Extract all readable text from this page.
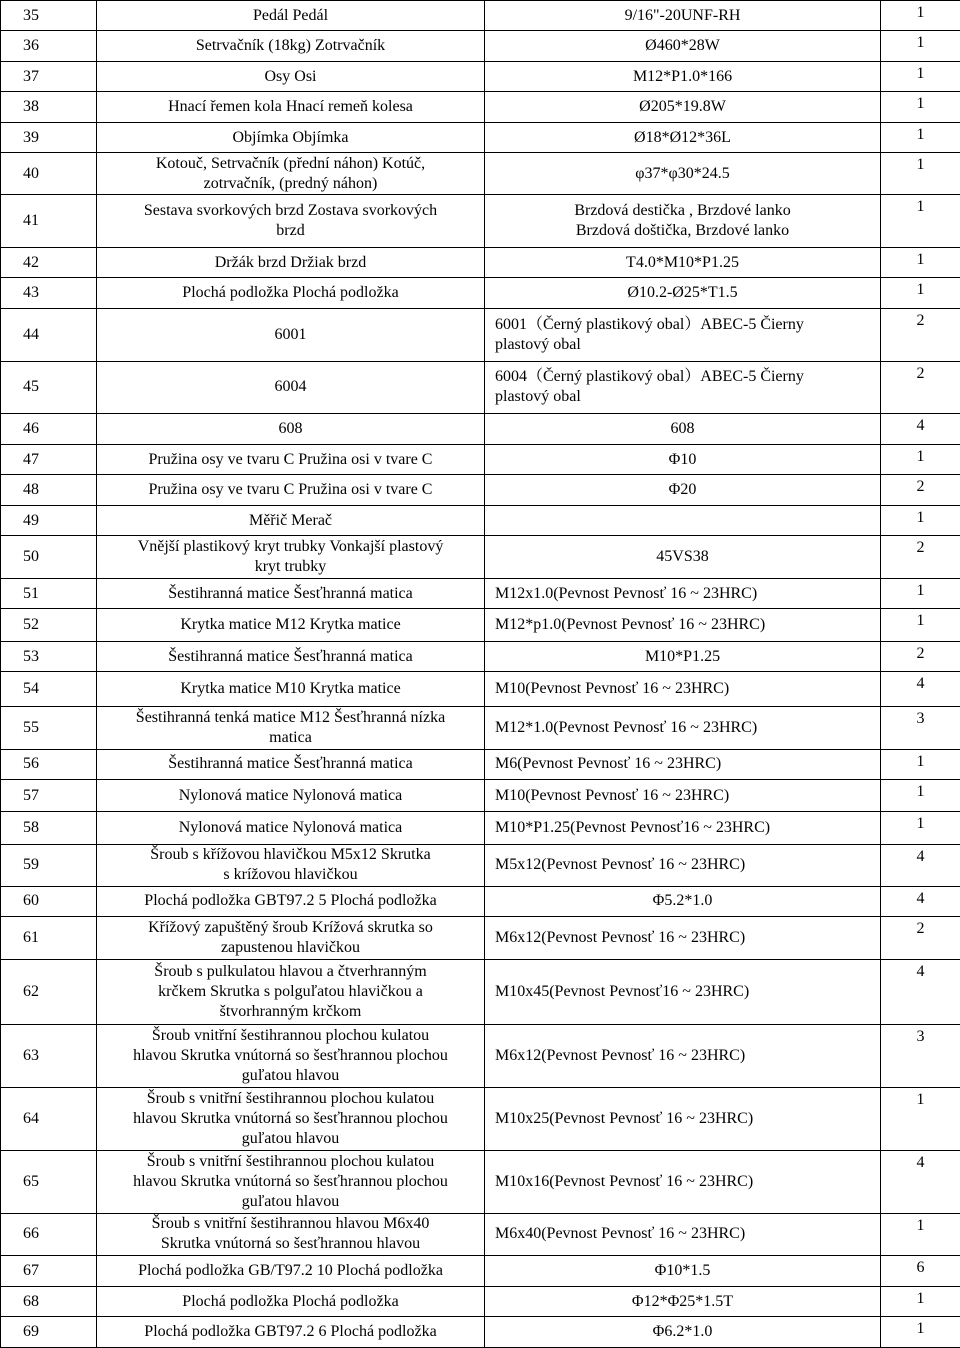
35	Pedál Pedál	9/16"-20UNF-RH	1

36	Setrvačník (18kg) Zotrvačník	Ø460*28W	1

37	Osy Osi	M12*P1.0*166	1

38	Hnací řemen kola Hnací remeň kolesa	Ø205*19.8W	1

39	Objímka Objímka	Ø18*Ø12*36L	1

40	Kotouč, Setrvačník (přední náhon) Kotúč,
zotrvačník, (predný náhon)	φ37*φ30*24.5	1

41	Sestava svorkových brzd Zostava svorkových
brzd	Brzdová destička , Brzdové lanko
Brzdová doštička, Brzdové lanko	1

42	Držák brzd Držiak brzd	T4.0*M10*P1.25	1

43	Plochá podložka Plochá podložka	Ø10.2-Ø25*T1.5	1

44	6001	6001（Černý plastikový obal）ABEC-5 Čierny
plastový obal	2

45	6004	6004（Černý plastikový obal）ABEC-5 Čierny
plastový obal	2

46	608	608	4

47	Pružina osy ve tvaru C Pružina osi v tvare C	Φ10	1

48	Pružina osy ve tvaru C Pružina osi v tvare C	Φ20	2

49	Měřič Merač		1

50	Vnější plastikový kryt trubky Vonkajší plastový
kryt trubky	45VS38	2

51	Šestihranná matice Šesťhranná matica	M12x1.0(Pevnost Pevnosť 16 ~ 23HRC)	1

52	Krytka matice M12 Krytka matice	M12*p1.0(Pevnost Pevnosť 16 ~ 23HRC)	1

53	Šestihranná matice Šesťhranná matica	M10*P1.25	2

54	Krytka matice M10 Krytka matice	M10(Pevnost Pevnosť 16 ~ 23HRC)	4

55	Šestihranná tenká matice M12 Šesťhranná nízka
matica	M12*1.0(Pevnost Pevnosť 16 ~ 23HRC)	3

56	Šestihranná matice Šesťhranná matica	M6(Pevnost Pevnosť 16 ~ 23HRC)	1

57	Nylonová matice Nylonová matica	M10(Pevnost Pevnosť 16 ~ 23HRC)	1

58	Nylonová matice Nylonová matica	M10*P1.25(Pevnost Pevnosť16 ~ 23HRC)	1

59	Šroub s křížovou hlavičkou M5x12 Skrutka
s krížovou hlavičkou	M5x12(Pevnost Pevnosť 16 ~ 23HRC)	4

60	Plochá podložka GBT97.2 5 Plochá podložka	Φ5.2*1.0	4

61	Křížový zapuštěný šroub Krížová skrutka so
zapustenou hlavičkou	M6x12(Pevnost Pevnosť 16 ~ 23HRC)	2

62	Šroub s pulkulatou hlavou a čtverhranným
krčkem Skrutka s polguľatou hlavičkou a
štvorhranným krčkom	M10x45(Pevnost Pevnosť16 ~ 23HRC)	4

63	Šroub vnitřní šestihrannou plochou kulatou
hlavou Skrutka vnútorná so šesťhrannou plochou
guľatou hlavou	M6x12(Pevnost Pevnosť 16 ~ 23HRC)	3

64	Šroub s vnitřní šestihrannou plochou kulatou
hlavou Skrutka vnútorná so šesťhrannou plochou
guľatou hlavou	M10x25(Pevnost Pevnosť 16 ~ 23HRC)	1

65	Šroub s vnitřní šestihrannou plochou kulatou
hlavou Skrutka vnútorná so šesťhrannou plochou
guľatou hlavou	M10x16(Pevnost Pevnosť 16 ~ 23HRC)	4

66	Šroub s vnitřní šestihrannou hlavou M6x40
Skrutka vnútorná so šesťhrannou hlavou	M6x40(Pevnost Pevnosť 16 ~ 23HRC)	1

67	Plochá podložka GB/T97.2 10 Plochá podložka	Φ10*1.5	6

68	Plochá podložka Plochá podložka	Φ12*Φ25*1.5T	1

69	Plochá podložka GBT97.2 6 Plochá podložka	Φ6.2*1.0	1
